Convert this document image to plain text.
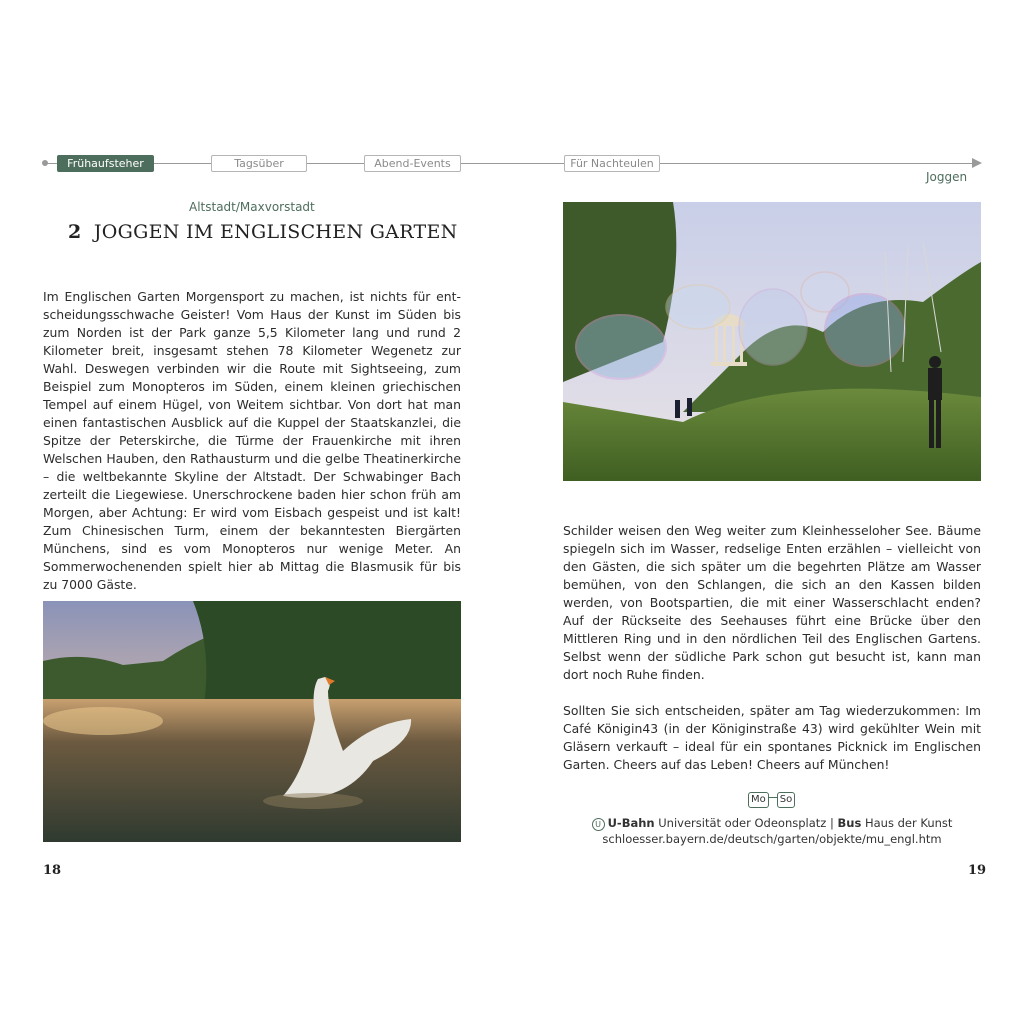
Frühaufsteher	Tagsüber	Abend-Events	Für Nachteulen
Joggen
Altstadt/Maxvorstadt
2 JOGGEN IM ENGLISCHEN GARTEN

Im Englischen Garten Morgensport zu machen, ist nichts für entscheidungsschwache Geister! Vom Haus der Kunst im Süden bis zum Norden ist der Park ganze 5,5 Kilometer lang und rund 2 Kilometer breit, insgesamt stehen 78 Kilometer Wegenetz zur Wahl. Deswegen verbinden wir die Route mit Sightseeing, zum Beispiel zum Monopteros im Süden, einem kleinen griechischen Tempel auf einem Hügel, von Weitem sichtbar. Von dort hat man einen fantastischen Ausblick auf die Kuppel der Staatskanzlei, die Spitze der Peterskirche, die Türme der Frauenkirche mit ihren Welschen Hauben, den Rathausturm und die gelbe Theatinerkirche – die weltbekannte Skyline der Altstadt. Der Schwabinger Bach zerteilt die Liegewiese. Unerschrockene baden hier schon früh am Morgen, aber Achtung: Er wird vom Eisbach gespeist und ist kalt! Zum Chinesischen Turm, einem der bekanntesten Biergärten Münchens, sind es vom Monopteros nur wenige Meter. An Sommerwochenenden spielt hier ab Mittag die Blasmusik für bis zu 7000 Gäste.

18

Schilder weisen den Weg weiter zum Kleinhesseloher See. Bäume spiegeln sich im Wasser, redselige Enten erzählen – vielleicht von den Gästen, die sich später um die begehrten Plätze am Wasser bemühen, von den Schlangen, die sich an den Kassen bilden werden, von Bootspartien, die mit einer Wasserschlacht enden? Auf der Rückseite des Seehauses führt eine Brücke über den Mittleren Ring und in den nördlichen Teil des Englischen Gartens. Selbst wenn der südliche Park schon gut besucht ist, kann man dort noch Ruhe finden.

Sollten Sie sich entscheiden, später am Tag wiederzukommen: Im Café Königin43 (in der Königinstraße 43) wird gekühlter Wein mit Gläsern verkauft – ideal für ein spontanes Picknick im Englischen Garten. Cheers auf das Leben! Cheers auf München!

Mo So
U U-Bahn Universität oder Odeonsplatz | Bus Haus der Kunst
schloesser.bayern.de/deutsch/garten/objekte/mu_engl.htm
19
